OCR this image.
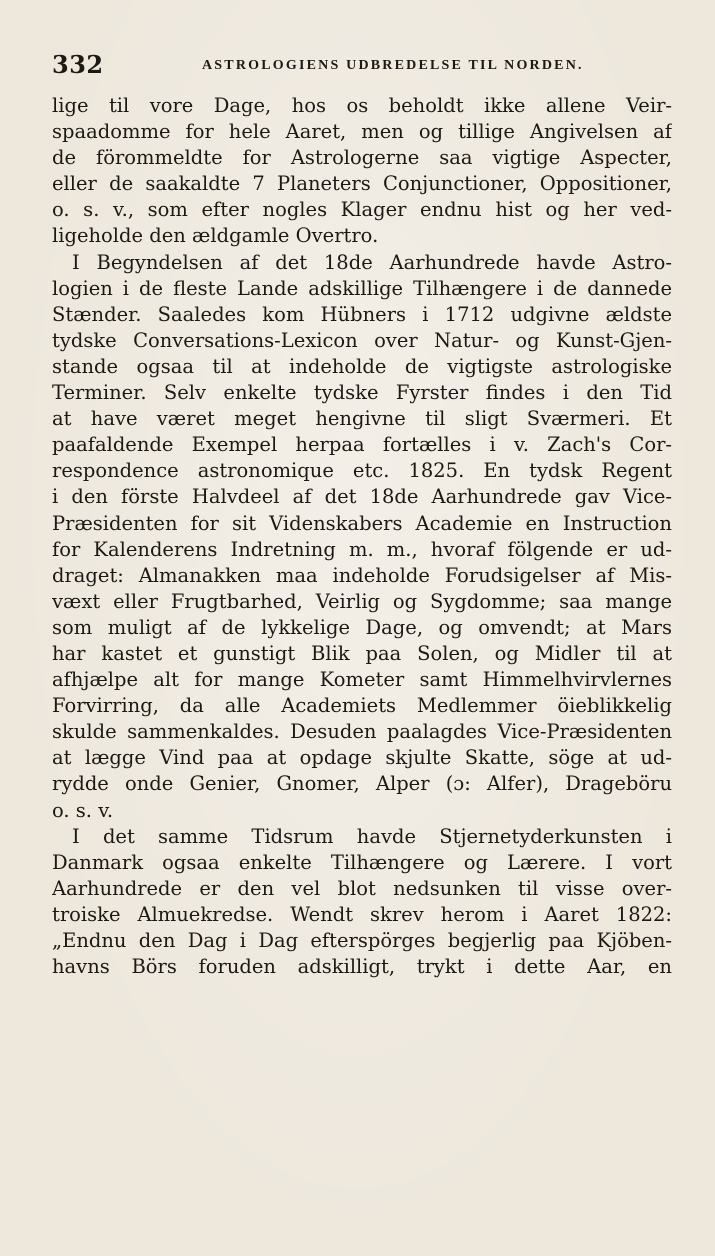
332	ASTROLOGIENS UDBREDELSE TIL NORDEN.
lige til vore Dage, hos os beholdt ikke allene Veir-
spaadomme for hele Aaret, men og tillige Angivelsen af
de förommeldte for Astrologerne saa vigtige Aspecter,
eller de saakaldte 7 Planeters Conjunctioner, Oppositioner,
o. s. v., som efter nogles Klager endnu hist og her ved-
ligeholde den ældgamle Overtro.
I Begyndelsen af det 18de Aarhundrede havde Astro-
logien i de fleste Lande adskillige Tilhængere i de dannede
Stænder. Saaledes kom Hübners i 1712 udgivne ældste
tydske Conversations-Lexicon over Natur- og Kunst-Gjen-
stande ogsaa til at indeholde de vigtigste astrologiske
Terminer. Selv enkelte tydske Fyrster findes i den Tid
at have været meget hengivne til sligt Sværmeri. Et
paafaldende Exempel herpaa fortælles i v. Zach's Cor-
respondence astronomique etc. 1825. En tydsk Regent
i den förste Halvdeel af det 18de Aarhundrede gav Vice-
Præsidenten for sit Videnskabers Academie en Instruction
for Kalenderens Indretning m. m., hvoraf fölgende er ud-
draget: Almanakken maa indeholde Forudsigelser af Mis-
væxt eller Frugtbarhed, Veirlig og Sygdomme; saa mange
som muligt af de lykkelige Dage, og omvendt; at Mars
har kastet et gunstigt Blik paa Solen, og Midler til at
afhjælpe alt for mange Kometer samt Himmelhvirvlernes
Forvirring, da alle Academiets Medlemmer öieblikkelig
skulde sammenkaldes. Desuden paalagdes Vice-Præsidenten
at lægge Vind paa at opdage skjulte Skatte, söge at ud-
rydde onde Genier, Gnomer, Alper (ɔ: Alfer), Drageböru
o. s. v.
I det samme Tidsrum havde Stjernetyderkunsten i
Danmark ogsaa enkelte Tilhængere og Lærere. I vort
Aarhundrede er den vel blot nedsunken til visse over-
troiske Almuekredse. Wendt skrev herom i Aaret 1822:
„Endnu den Dag i Dag efterspörges begjerlig paa Kjöben-
havns Börs foruden adskilligt, trykt i dette Aar, en
